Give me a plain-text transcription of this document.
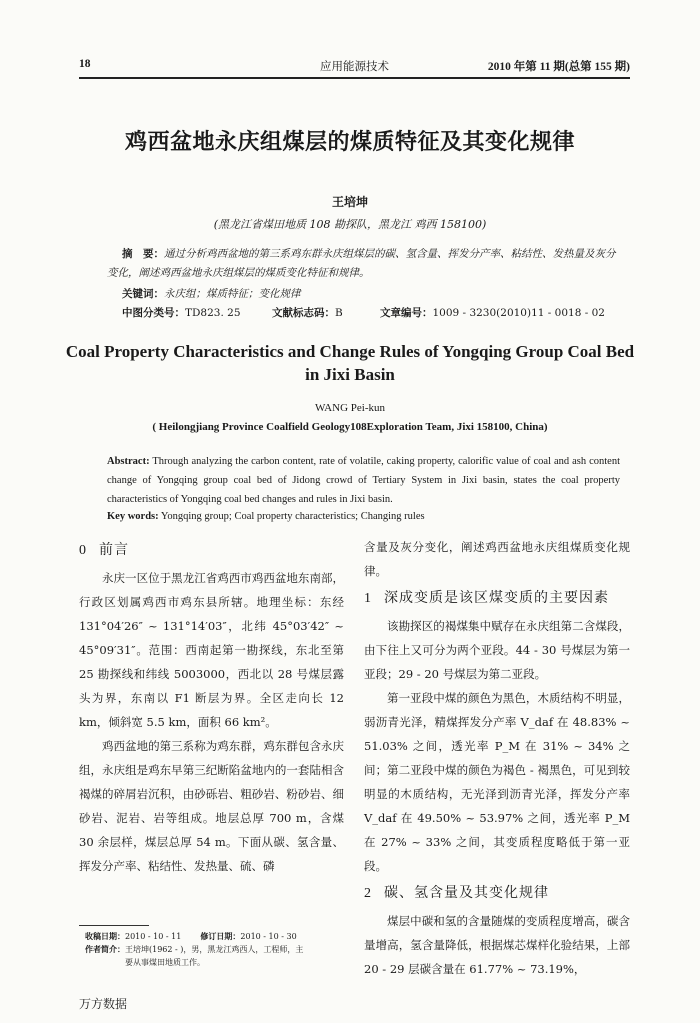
18	应用能源技术	2010 年第 11 期(总第 155 期)
鸡西盆地永庆组煤层的煤质特征及其变化规律
王培坤
(黑龙江省煤田地质 108 勘探队，黑龙江 鸡西 158100)
摘　要：通过分析鸡西盆地的第三系鸡东群永庆组煤层的碳、氢含量、挥发分产率、粘结性、发热量及灰分变化，阐述鸡西盆地永庆组煤层的煤质变化特征和规律。
关键词：永庆组；煤质特征；变化规律
中图分类号：TD823. 25	文献标志码：B	文章编号：1009 - 3230(2010)11 - 0018 - 02
Coal Property Characteristics and Change Rules of Yongqing Group Coal Bed in Jixi Basin
WANG Pei-kun
( Heilongjiang Province Coalfield Geology108Exploration Team, Jixi 158100, China)
Abstract: Through analyzing the carbon content, rate of volatile, caking property, calorific value of coal and ash content change of Yongqing group coal bed of Jidong crowd of Tertiary System in Jixi basin, states the coal property characteristics of Yongqing coal bed changes and rules in Jixi basin.
Key words: Yongqing group; Coal property characteristics; Changing rules
0 前言

永庆一区位于黑龙江省鸡西市鸡西盆地东南部，行政区划属鸡西市鸡东县所辖。地理坐标：东经 131°04′26″ ~ 131°14′03″，北纬 45°03′42″ ~ 45°09′31″。范围：西南起第一勘探线，东北至第 25 勘探线和纬线 5003000，西北以 28 号煤层露头为界，东南以 F1 断层为界。全区走向长 12 km，倾斜宽 5.5 km，面积 66 km²。

鸡西盆地的第三系称为鸡东群，鸡东群包含永庆组，永庆组是鸡东早第三纪断陷盆地内的一套陆相含褐煤的碎屑岩沉积，由砂砾岩、粗砂岩、粉砂岩、细砂岩、泥岩、岩等组成。地层总厚 700 m，含煤 30 余层样，煤层总厚 54 m。下面从碳、氢含量、挥发分产率、粘结性、发热量、硫、磷

含量及灰分变化，阐述鸡西盆地永庆组煤质变化规律。

1 深成变质是该区煤变质的主要因素

该勘探区的褐煤集中赋存在永庆组第二含煤段，由下往上又可分为两个亚段。44 - 30 号煤层为第一亚段；29 - 20 号煤层为第二亚段。

第一亚段中煤的颜色为黑色，木质结构不明显，弱沥青光泽，精煤挥发分产率 V_daf 在 48.83% ~ 51.03% 之间，透光率 P_M 在 31% ~ 34% 之间；第二亚段中煤的颜色为褐色 - 褐黑色，可见到较明显的木质结构，无光泽到沥青光泽，挥发分产率 V_daf 在 49.50% ~ 53.97% 之间，透光率 P_M 在 27% ~ 33% 之间，其变质程度略低于第一亚段。

2 碳、氢含量及其变化规律

煤层中碳和氢的含量随煤的变质程度增高，碳含量增高，氢含量降低，根据煤芯煤样化验结果，上部 20 - 29 层碳含量在 61.77% ~ 73.19%，

收稿日期：2010 - 10 - 11 修订日期：2010 - 10 - 30
作者简介：王培坤(1962 - )，男，黑龙江鸡西人，工程师，主
要从事煤田地质工作。
万方数据
